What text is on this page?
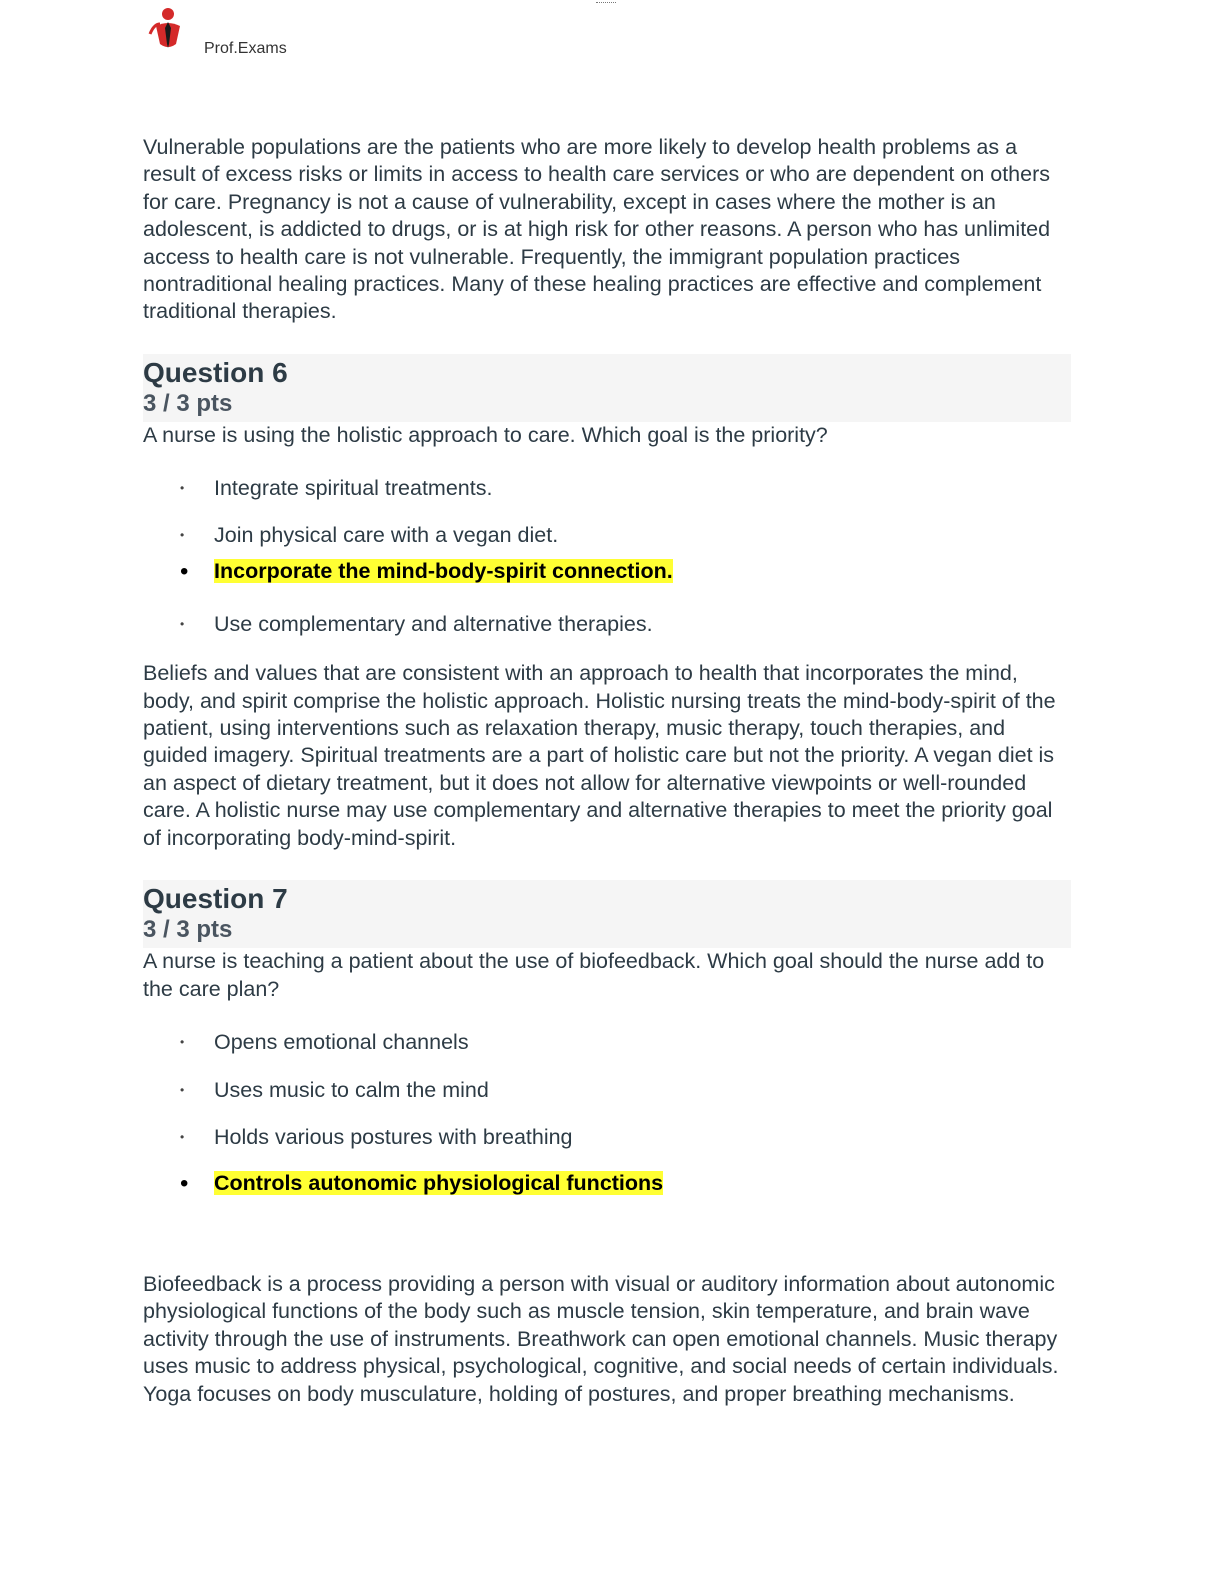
Prof.Exams

Vulnerable populations are the patients who are more likely to develop health problems as a result of excess risks or limits in access to health care services or who are dependent on others for care. Pregnancy is not a cause of vulnerability, except in cases where the mother is an adolescent, is addicted to drugs, or is at high risk for other reasons. A person who has unlimited access to health care is not vulnerable. Frequently, the immigrant population practices nontraditional healing practices. Many of these healing practices are effective and complement traditional therapies.

Question 6
3 / 3 pts

A nurse is using the holistic approach to care. Which goal is the priority?

• Integrate spiritual treatments.
• Join physical care with a vegan diet.
• Incorporate the mind-body-spirit connection.
• Use complementary and alternative therapies.

Beliefs and values that are consistent with an approach to health that incorporates the mind, body, and spirit comprise the holistic approach. Holistic nursing treats the mind-body-spirit of the patient, using interventions such as relaxation therapy, music therapy, touch therapies, and guided imagery. Spiritual treatments are a part of holistic care but not the priority. A vegan diet is an aspect of dietary treatment, but it does not allow for alternative viewpoints or well-rounded care. A holistic nurse may use complementary and alternative therapies to meet the priority goal of incorporating body-mind-spirit.

Question 7
3 / 3 pts

A nurse is teaching a patient about the use of biofeedback. Which goal should the nurse add to the care plan?

• Opens emotional channels
• Uses music to calm the mind
• Holds various postures with breathing
• Controls autonomic physiological functions

Biofeedback is a process providing a person with visual or auditory information about autonomic physiological functions of the body such as muscle tension, skin temperature, and brain wave activity through the use of instruments. Breathwork can open emotional channels. Music therapy uses music to address physical, psychological, cognitive, and social needs of certain individuals. Yoga focuses on body musculature, holding of postures, and proper breathing mechanisms.
